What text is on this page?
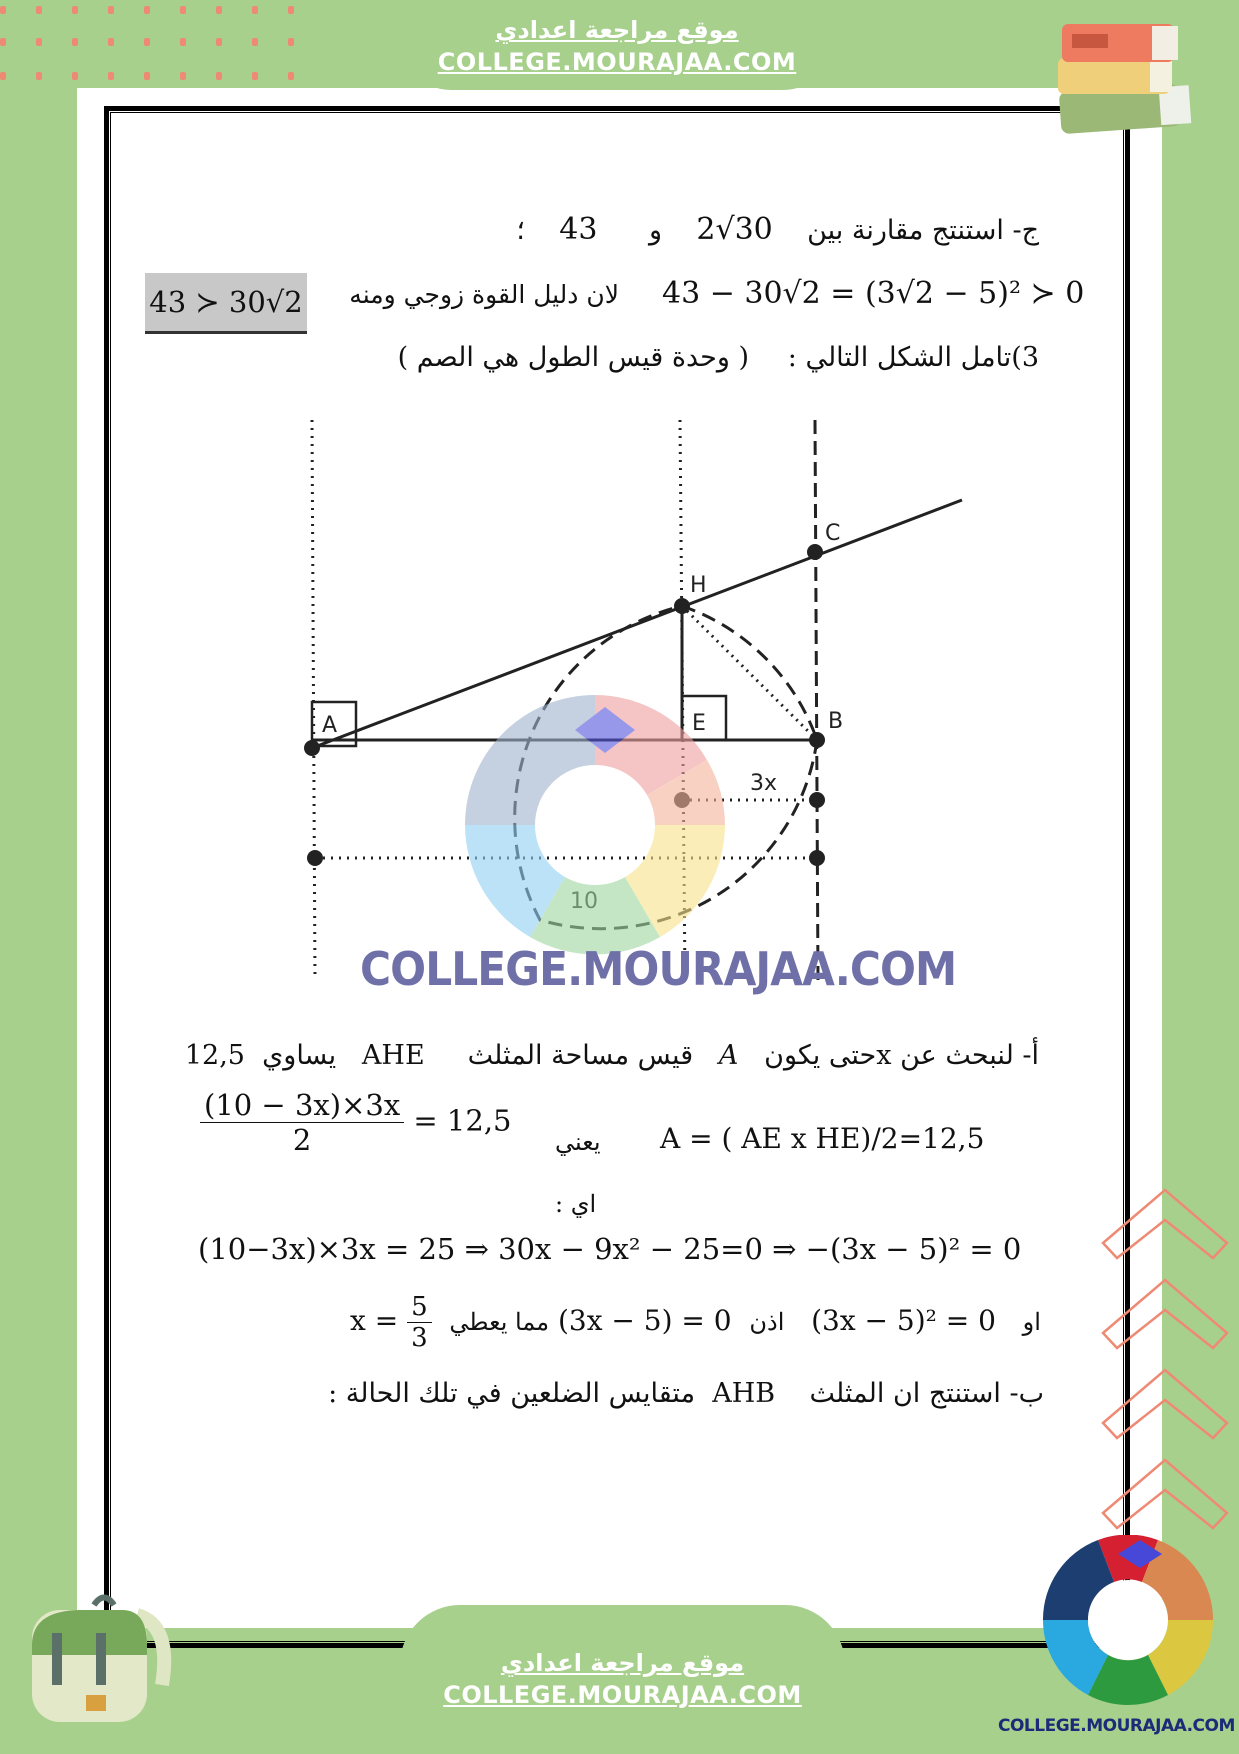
موقع مراجعة اعدادي
COLLEGE.MOURAJAA.COM
ج- استنتج مقارنة بين    30√2    و      43    ؛
43 ≻ 30√2 لان دليل القوة زوجي ومنه 43 − 30√2 = (3√2 − 5)² ≻ 0
3)تامل الشكل التالي :
( وحدة قيس الطول هي الصم )
A	B
C
H
E
3x
COLLEGE.MOURAJAA.COM
أ- لنبحث عن xحتى يكون   A   قيس مساحة المثلث     AHE   يساوي  12,5
$\frac{(10 - 3x)\times 3x}{2} = 12,5$
يعني A = ( AE x HE)/2=12,5
اي :
(10−3x)×3x = 25 ⇒ 30x − 9x² − 25=0 ⇒ −(3x − 5)² = 0
$x = \frac{5}{3}$ مما يعطي (3x − 5) = 0 اذن (3x − 5)² = 0 او
ب- استنتج ان المثلث    AHB  متقايس الضلعين في تلك الحالة :
موقع مراجعة اعدادي
COLLEGE.MOURAJAA.COM
COLLEGE.MOURAJAA.COM
